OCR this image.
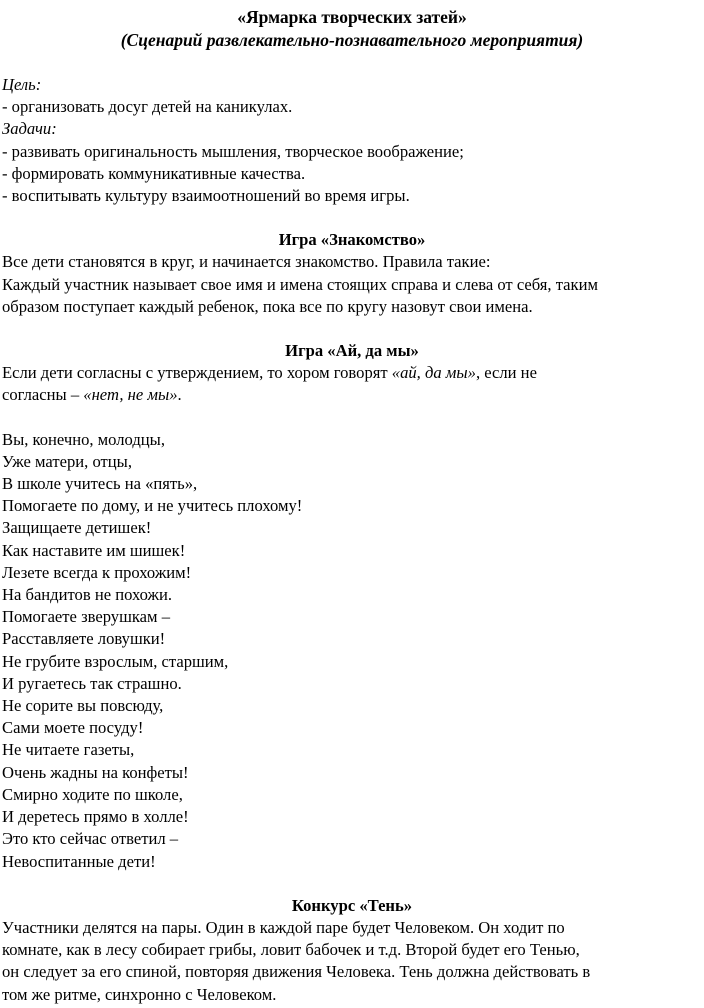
«Ярмарка творческих затей»
(Сценарий развлекательно-познавательного мероприятия)
Цель:
- организовать досуг детей на каникулах.
Задачи:
- развивать оригинальность мышления, творческое воображение;
- формировать коммуникативные качества.
- воспитывать культуру взаимоотношений во время игры.
Игра «Знакомство»
Все дети становятся в круг, и начинается знакомство. Правила такие:
Каждый участник называет свое имя и имена стоящих справа и слева от себя, таким
образом поступает каждый ребенок, пока все по кругу назовут свои имена.
Игра «Ай, да мы»
Если дети согласны с утверждением, то хором говорят «ай, да мы», если не
согласны – «нет, не мы».
Вы, конечно, молодцы,
Уже матери, отцы,
В школе учитесь на «пять»,
Помогаете по дому, и не учитесь плохому!
Защищаете детишек!
Как наставите им шишек!
Лезете всегда к прохожим!
На бандитов не похожи.
Помогаете зверушкам –
Расставляете ловушки!
Не грубите взрослым, старшим,
И ругаетесь так страшно.
Не сорите вы повсюду,
Сами моете посуду!
Не читаете газеты,
Очень жадны на конфеты!
Смирно ходите по школе,
И деретесь прямо в холле!
Это кто сейчас ответил –
Невоспитанные дети!
Конкурс «Тень»
Участники делятся на пары. Один в каждой паре будет Человеком. Он ходит по
комнате, как в лесу собирает грибы, ловит бабочек и т.д. Второй будет его Тенью,
он следует за его спиной, повторяя движения Человека. Тень должна действовать в
том же ритме, синхронно с Человеком.
